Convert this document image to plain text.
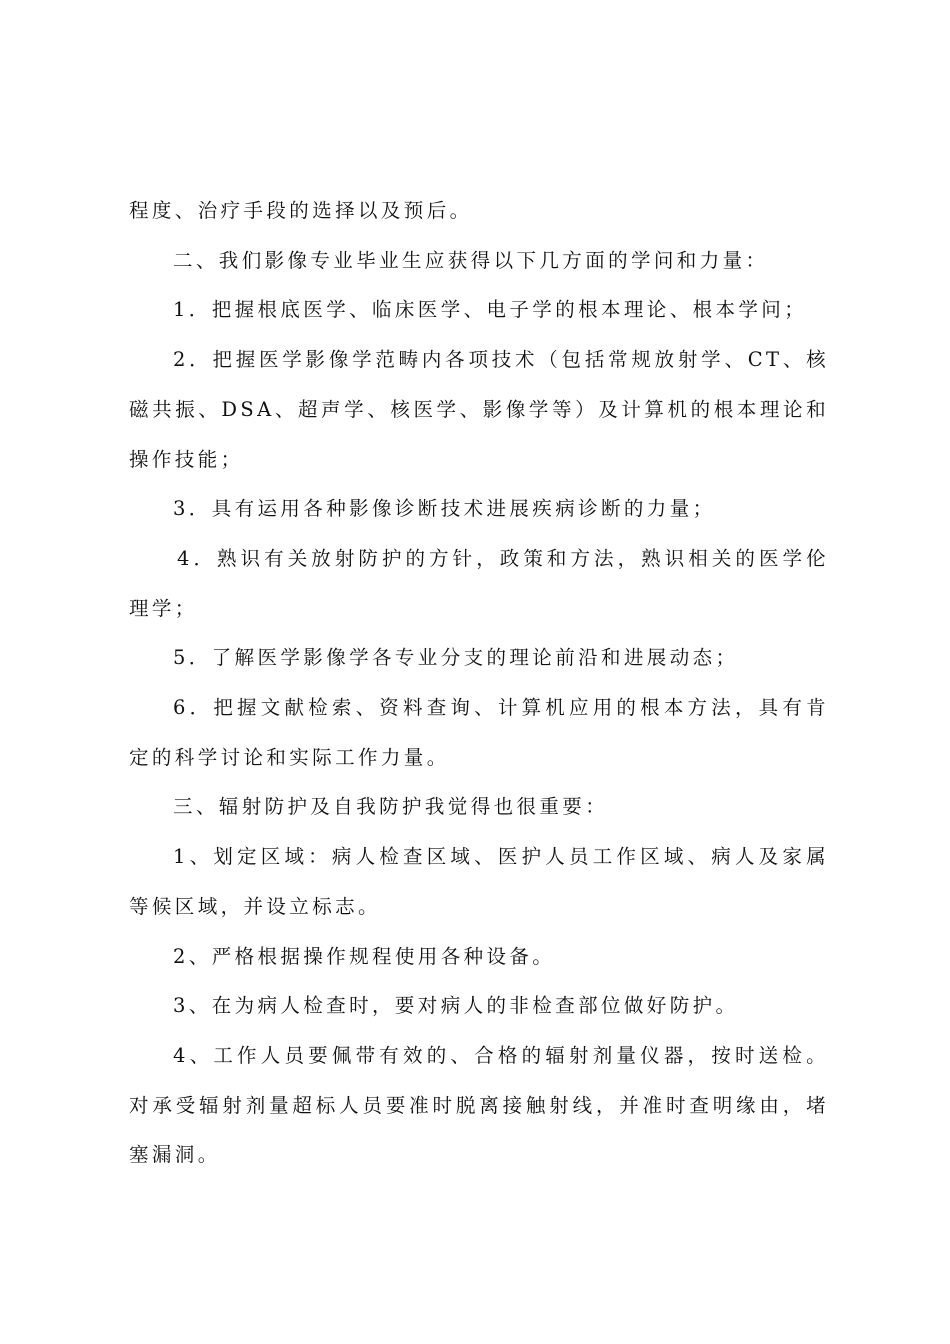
程度、治疗手段的选择以及预后。

二、我们影像专业毕业生应获得以下几方面的学问和力量：

1．把握根底医学、临床医学、电子学的根本理论、根本学问；

2．把握医学影像学范畴内各项技术（包括常规放射学、CT、核磁共振、DSA、超声学、核医学、影像学等）及计算机的根本理论和操作技能；

3．具有运用各种影像诊断技术进展疾病诊断的力量；

4．熟识有关放射防护的方针，政策和方法，熟识相关的医学伦理学；

5．了解医学影像学各专业分支的理论前沿和进展动态；

6．把握文献检索、资料查询、计算机应用的根本方法，具有肯定的科学讨论和实际工作力量。

三、辐射防护及自我防护我觉得也很重要：

1、划定区域：病人检查区域、医护人员工作区域、病人及家属等候区域，并设立标志。

2、严格根据操作规程使用各种设备。

3、在为病人检查时，要对病人的非检查部位做好防护。

4、工作人员要佩带有效的、合格的辐射剂量仪器，按时送检。对承受辐射剂量超标人员要准时脱离接触射线，并准时查明缘由，堵塞漏洞。
